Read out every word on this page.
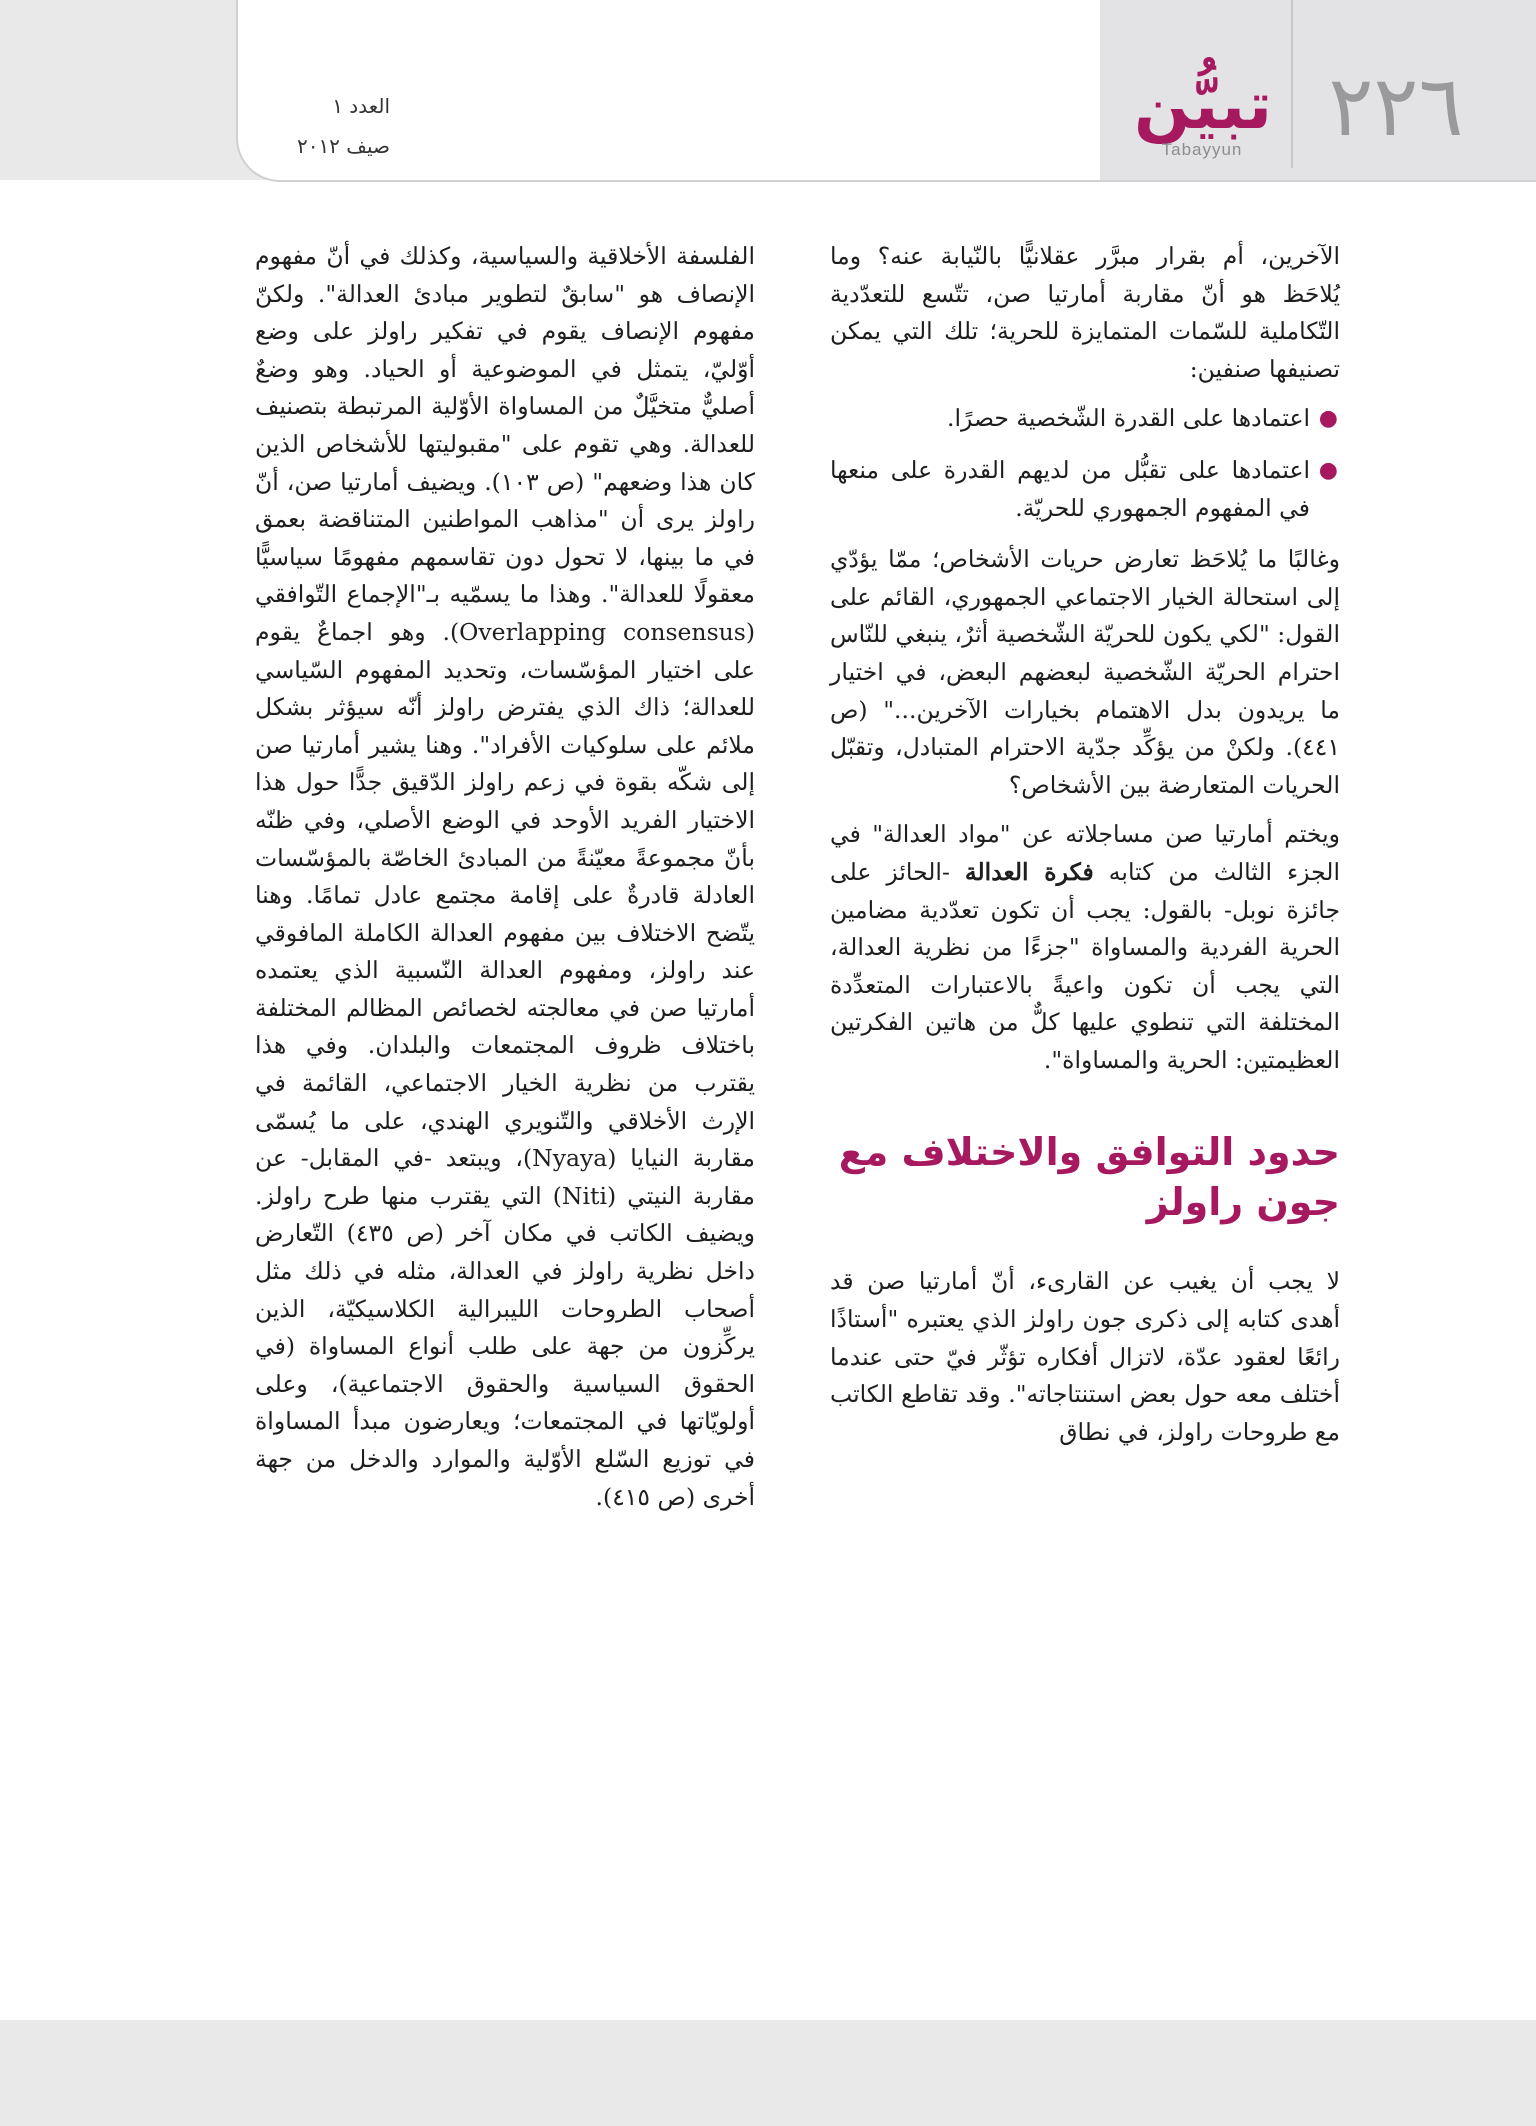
٢٢٦
تبيُّن
Tabayyun
العدد ١
صيف ٢٠١٢

الآخرين، أم بقرار مبرَّر عقلانيًّا بالنّيابة عنه؟ وما يُلاحَظ هو أنّ مقاربة أمارتيا صن، تتّسع للتعدّدية التّكاملية للسّمات المتمايزة للحرية؛ تلك التي يمكن تصنيفها صنفين:

●
اعتمادها على القدرة الشّخصية حصرًا.
●
اعتمادها على تقبُّل من لديهم القدرة على منعها في المفهوم الجمهوري للحريّة.

وغالبًا ما يُلاحَظ تعارض حريات الأشخاص؛ ممّا يؤدّي إلى استحالة الخيار الاجتماعي الجمهوري، القائم على القول: "لكي يكون للحريّة الشّخصية أثرٌ، ينبغي للنّاس احترام الحريّة الشّخصية لبعضهم البعض، في اختيار ما يريدون بدل الاهتمام بخيارات الآخرين..." (ص ٤٤١). ولكنْ من يؤكِّد جدّية الاحترام المتبادل، وتقبّل الحريات المتعارضة بين الأشخاص؟

ويختم أمارتيا صن مساجلاته عن "مواد العدالة" في الجزء الثالث من كتابه فكرة العدالة -الحائز على جائزة نوبل- بالقول: يجب أن تكون تعدّدية مضامين الحرية الفردية والمساواة "جزءًا من نظرية العدالة، التي يجب أن تكون واعيةً بالاعتبارات المتعدِّدة المختلفة التي تنطوي عليها كلٌّ من هاتين الفكرتين العظيمتين: الحرية والمساواة".

حدود التوافق والاختلاف مع جون راولز

لا يجب أن يغيب عن القارىء، أنّ أمارتيا صن قد أهدى كتابه إلى ذكرى جون راولز الذي يعتبره "أستاذًا رائعًا لعقود عدّة، لاتزال أفكاره تؤثّر فيّ حتى عندما أختلف معه حول بعض استنتاجاته". وقد تقاطع الكاتب مع طروحات راولز، في نطاق

الفلسفة الأخلاقية والسياسية، وكذلك في أنّ مفهوم الإنصاف هو "سابقٌ لتطوير مبادئ العدالة". ولكنّ مفهوم الإنصاف يقوم في تفكير راولز على وضع أوّليّ، يتمثل في الموضوعية أو الحياد. وهو وضعٌ أصليٌّ متخيَّلٌ من المساواة الأوّلية المرتبطة بتصنيف للعدالة. وهي تقوم على "مقبوليتها للأشخاص الذين كان هذا وضعهم" (ص ١٠٣). ويضيف أمارتيا صن، أنّ راولز يرى أن "مذاهب المواطنين المتناقضة بعمق في ما بينها، لا تحول دون تقاسمهم مفهومًا سياسيًّا معقولًا للعدالة". وهذا ما يسمّيه بـ"الإجماع التّوافقي (Overlapping consensus). وهو اجماعٌ يقوم على اختيار المؤسّسات، وتحديد المفهوم السّياسي للعدالة؛ ذاك الذي يفترض راولز أنّه سيؤثر بشكل ملائم على سلوكيات الأفراد". وهنا يشير أمارتيا صن إلى شكّه بقوة في زعم راولز الدّقيق جدًّا حول هذا الاختيار الفريد الأوحد في الوضع الأصلي، وفي ظنّه بأنّ مجموعةً معيّنةً من المبادئ الخاصّة بالمؤسّسات العادلة قادرةٌ على إقامة مجتمع عادل تمامًا. وهنا يتّضح الاختلاف بين مفهوم العدالة الكاملة المافوقي عند راولز، ومفهوم العدالة النّسبية الذي يعتمده أمارتيا صن في معالجته لخصائص المظالم المختلفة باختلاف ظروف المجتمعات والبلدان. وفي هذا يقترب من نظرية الخيار الاجتماعي، القائمة في الإرث الأخلاقي والتّنويري الهندي، على ما يُسمّى مقاربة النيايا (Nyaya)، ويبتعد -في المقابل- عن مقاربة النيتي (Niti) التي يقترب منها طرح راولز. ويضيف الكاتب في مكان آخر (ص ٤٣٥) التّعارض داخل نظرية راولز في العدالة، مثله في ذلك مثل أصحاب الطروحات الليبرالية الكلاسيكيّة، الذين يركِّزون من جهة على طلب أنواع المساواة (في الحقوق السياسية والحقوق الاجتماعية)، وعلى أولويّاتها في المجتمعات؛ ويعارضون مبدأ المساواة في توزيع السّلع الأوّلية والموارد والدخل من جهة أخرى (ص ٤١٥).
